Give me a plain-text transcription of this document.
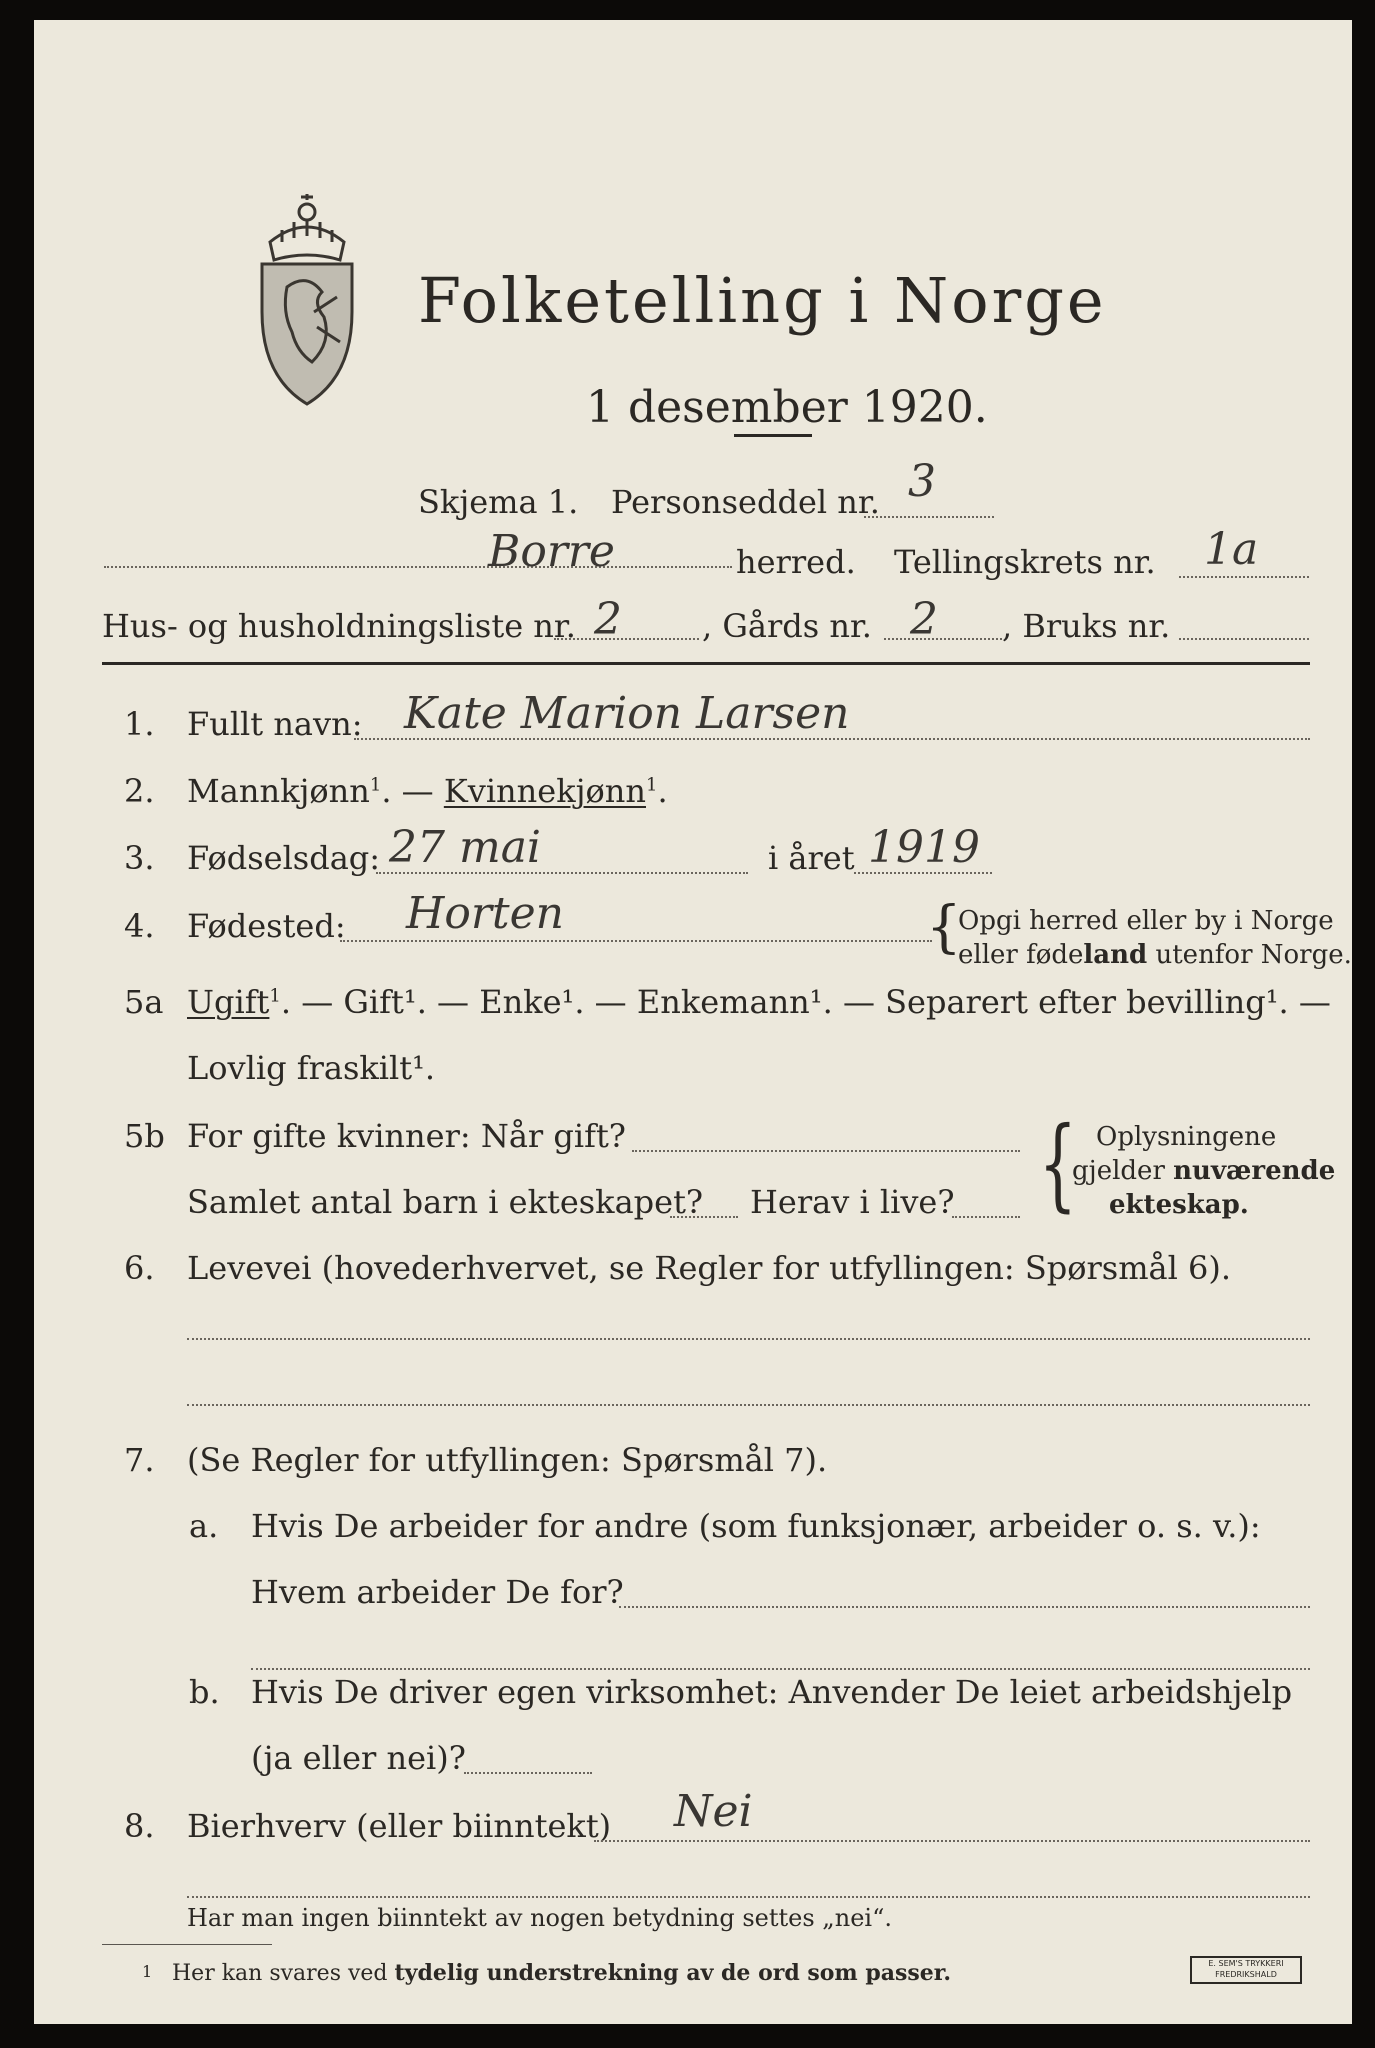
Folketelling i Norge
1 desember 1920.
Skjema 1. Personseddel nr. 3
Borre	herred. Tellingskrets nr. 1a
Hus- og husholdningsliste nr. 2	, Gårds nr. 2 , Bruks nr.
1. Fullt navn: Kate Marion Larsen
2. Mannkjønn$^1$. — Kvinnekjønn$^1$.
3. Fødselsdag: 27 mai	i året 1919
4. Fødested: Horten	{
Opgi herred eller by i Norge
eller fødeland utenfor Norge.
5a Ugift$^1$. — Gift¹. — Enke¹. — Enkemann¹. — Separert efter bevilling¹. —
Lovlig fraskilt¹.
5b For gifte kvinner: Når gift?
Samlet antal barn i ekteskapet? Herav i live? { Oplysningene
gjelder nuværende
ekteskap.
6. Levevei (hovederhvervet, se Regler for utfyllingen: Spørsmål 6).
7. (Se Regler for utfyllingen: Spørsmål 7).
a. Hvis De arbeider for andre (som funksjonær, arbeider o. s. v.):
Hvem arbeider De for?
b. Hvis De driver egen virksomhet: Anvender De leiet arbeidshjelp
(ja eller nei)?
8. Bierhverv (eller biinntekt) Nei
Har man ingen biinntekt av nogen betydning settes „nei“.
1 Her kan svares ved tydelig understrekning av de ord som passer.	E. SEM'S TRYKKERI
FREDRIKSHALD
